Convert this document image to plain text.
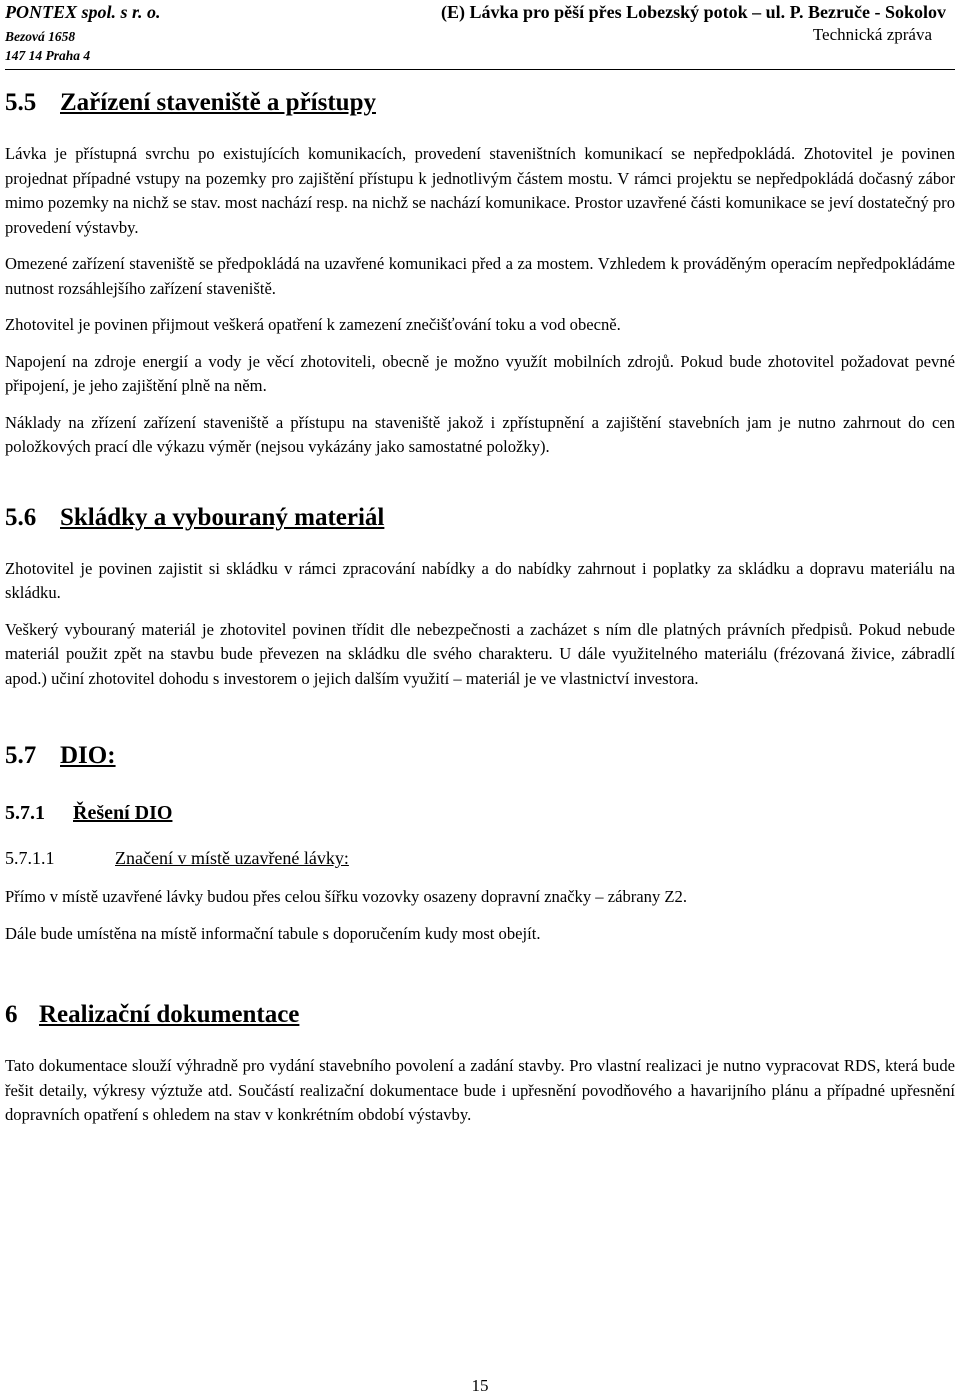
PONTEX spol. s r. o.
Bezová 1658
147 14 Praha 4
(E) Lávka pro pěší přes Lobezský potok – ul. P. Bezruče - Sokolov
Technická zpráva
5.5 Zařízení staveniště a přístupy

Lávka je přístupná svrchu po existujících komunikacích, provedení staveništních komunikací se nepředpokládá. Zhotovitel je povinen projednat případné vstupy na pozemky pro zajištění přístupu k jednotlivým částem mostu. V rámci projektu se nepředpokládá dočasný zábor mimo pozemky na nichž se stav. most nachází resp. na nichž se nachází komunikace. Prostor uzavřené části komunikace se jeví dostatečný pro provedení výstavby.

Omezené zařízení staveniště se předpokládá na uzavřené komunikaci před a za mostem. Vzhledem k prováděným operacím nepředpokládáme nutnost rozsáhlejšího zařízení staveniště.

Zhotovitel je povinen přijmout veškerá opatření k zamezení znečišťování toku a vod obecně.

Napojení na zdroje energií a vody je věcí zhotoviteli, obecně je možno využít mobilních zdrojů. Pokud bude zhotovitel požadovat pevné připojení, je jeho zajištění plně na něm.

Náklady na zřízení zařízení staveniště a přístupu na staveniště jakož i zpřístupnění a zajištění stavebních jam je nutno zahrnout do cen položkových prací dle výkazu výměr (nejsou vykázány jako samostatné položky).

5.6 Skládky a vybouraný materiál

Zhotovitel je povinen zajistit si skládku v rámci zpracování nabídky a do nabídky zahrnout i poplatky za skládku a dopravu materiálu na skládku.

Veškerý vybouraný materiál je zhotovitel povinen třídit dle nebezpečnosti a zacházet s ním dle platných právních předpisů. Pokud nebude materiál použit zpět na stavbu bude převezen na skládku dle svého charakteru. U dále využitelného materiálu (frézovaná živice, zábradlí apod.) učiní zhotovitel dohodu s investorem o jejich dalším využití – materiál je ve vlastnictví investora.

5.7 DIO:
5.7.1 Řešení DIO
5.7.1.1	Značení v místě uzavřené lávky:

Přímo v místě uzavřené lávky budou přes celou šířku vozovky osazeny dopravní značky – zábrany Z2.

Dále bude umístěna na místě informační tabule s doporučením kudy most obejít.

6 Realizační dokumentace

Tato dokumentace slouží výhradně pro vydání stavebního povolení a zadání stavby. Pro vlastní realizaci je nutno vypracovat RDS, která bude řešit detaily, výkresy výztuže atd. Součástí realizační dokumentace bude i upřesnění povodňového a havarijního plánu a případné upřesnění dopravních opatření s ohledem na stav v konkrétním období výstavby.

15
